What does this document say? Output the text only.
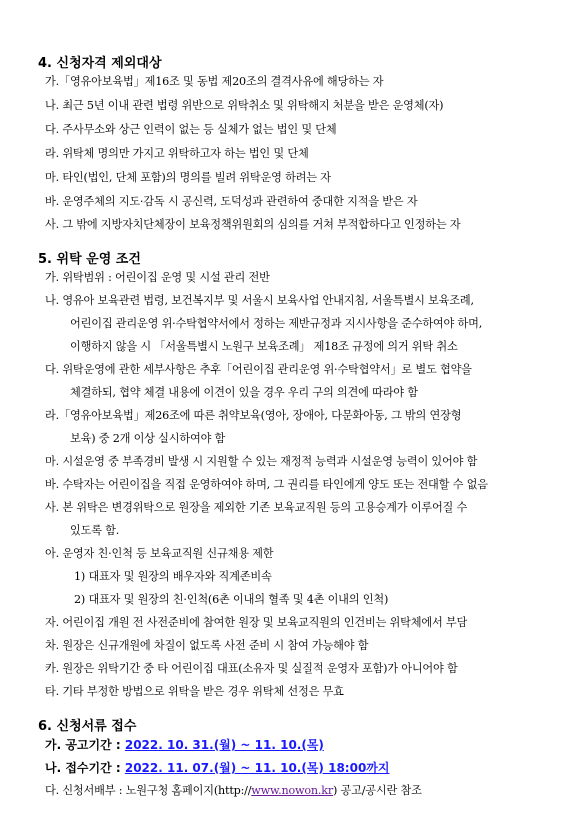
4. 신청자격 제외대상
가.「영유아보육법」제16조 및 동법 제20조의 결격사유에 해당하는 자
나. 최근 5년 이내 관련 법령 위반으로 위탁취소 및 위탁해지 처분을 받은 운영체(자)
다. 주사무소와 상근 인력이 없는 등 실체가 없는 법인 및 단체
라. 위탁체 명의만 가지고 위탁하고자 하는 법인 및 단체
마. 타인(법인, 단체 포함)의 명의를 빌려 위탁운영 하려는 자
바. 운영주체의 지도·감독 시 공신력, 도덕성과 관련하여 중대한 지적을 받은 자
사. 그 밖에 지방자치단체장이 보육정책위원회의 심의를 거쳐 부적합하다고 인정하는 자
5. 위탁 운영 조건
가. 위탁범위 : 어린이집 운영 및 시설 관리 전반
나. 영유아 보육관련 법령, 보건복지부 및 서울시 보육사업 안내지침, 서울특별시 보육조례,
어린이집 관리운영 위·수탁협약서에서 정하는 제반규정과 지시사항을 준수하여야 하며,
이행하지 않을 시 「서울특별시 노원구 보육조례」 제18조 규정에 의거 위탁 취소
다. 위탁운영에 관한 세부사항은 추후「어린이집 관리운영 위·수탁협약서」로 별도 협약을
체결하되, 협약 체결 내용에 이견이 있을 경우 우리 구의 의견에 따라야 함
라.「영유아보육법」제26조에 따른 취약보육(영아, 장애아, 다문화아동, 그 밖의 연장형
보육) 중 2개 이상 실시하여야 함
마. 시설운영 중 부족경비 발생 시 지원할 수 있는 재정적 능력과 시설운영 능력이 있어야 함
바. 수탁자는 어린이집을 직접 운영하여야 하며, 그 권리를 타인에게 양도 또는 전대할 수 없음
사. 본 위탁은 변경위탁으로 원장을 제외한 기존 보육교직원 등의 고용승계가 이루어질 수
있도록 함.
아. 운영자 친·인척 등 보육교직원 신규채용 제한
1) 대표자 및 원장의 배우자와 직계존비속
2) 대표자 및 원장의 친·인척(6촌 이내의 혈족 및 4촌 이내의 인척)
자. 어린이집 개원 전 사전준비에 참여한 원장 및 보육교직원의 인건비는 위탁체에서 부담
차. 원장은 신규개원에 차질이 없도록 사전 준비 시 참여 가능해야 함
카. 원장은 위탁기간 중 타 어린이집 대표(소유자 및 실질적 운영자 포함)가 아니어야 함
타. 기타 부정한 방법으로 위탁을 받은 경우 위탁체 선정은 무효
6. 신청서류 접수
가. 공고기간 : 2022. 10. 31.(월) ~ 11. 10.(목)
나. 접수기간 : 2022. 11. 07.(월) ~ 11. 10.(목) 18:00까지
다. 신청서배부 : 노원구청 홈페이지(http://www.nowon.kr) 공고/공시란 참조
